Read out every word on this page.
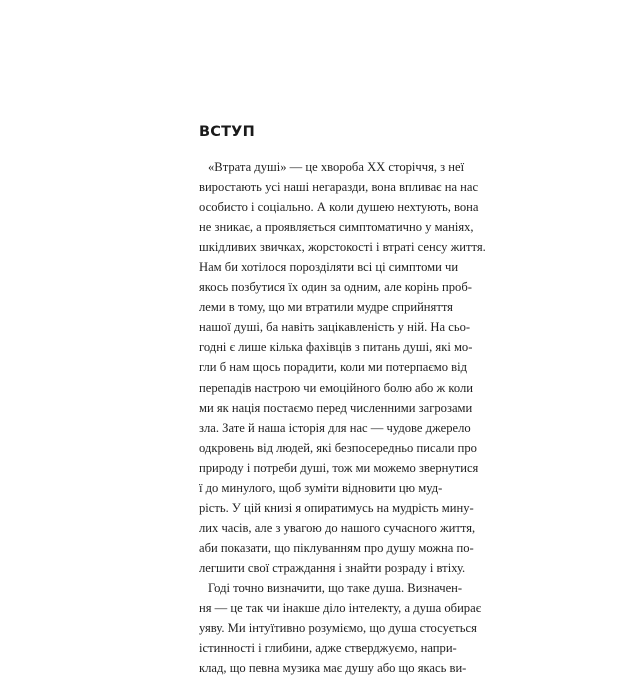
ВСТУП
«Втрата душі» — це хвороба XX сторіччя, з неї
виростають усі наші негаразди, вона впливає на нас
особисто і соціально. А коли душею нехтують, вона
не зникає, а проявляється симптоматично у маніях,
шкідливих звичках, жорстокості і втраті сенсу життя.
Нам би хотілося порозділяти всі ці симптоми чи
якось позбутися їх один за одним, але корінь проб-
леми в тому, що ми втратили мудре сприйняття
нашої душі, ба навіть зацікавленість у ній. На сьо-
годні є лише кілька фахівців з питань душі, які мо-
гли б нам щось порадити, коли ми потерпаємо від
перепадів настрою чи емоційного болю або ж коли
ми як нація постаємо перед численними загрозами
зла. Зате й наша історія для нас — чудове джерело
одкровень від людей, які безпосередньо писали про
природу і потреби душі, тож ми можемо звернутися
ї до минулого, щоб зуміти відновити цю муд-
рість. У цій книзі я опиратимусь на мудрість мину-
лих часів, але з увагою до нашого сучасного життя,
аби показати, що піклуванням про душу можна по-
легшити свої страждання і знайти розраду і втіху.
Годі точно визначити, що таке душа. Визначен-
ня — це так чи інакше діло інтелекту, а душа обирає
уяву. Ми інтуїтивно розуміємо, що душа стосується
істинності і глибини, адже стверджуємо, напри-
клад, що певна музика має душу або що якась ви-
